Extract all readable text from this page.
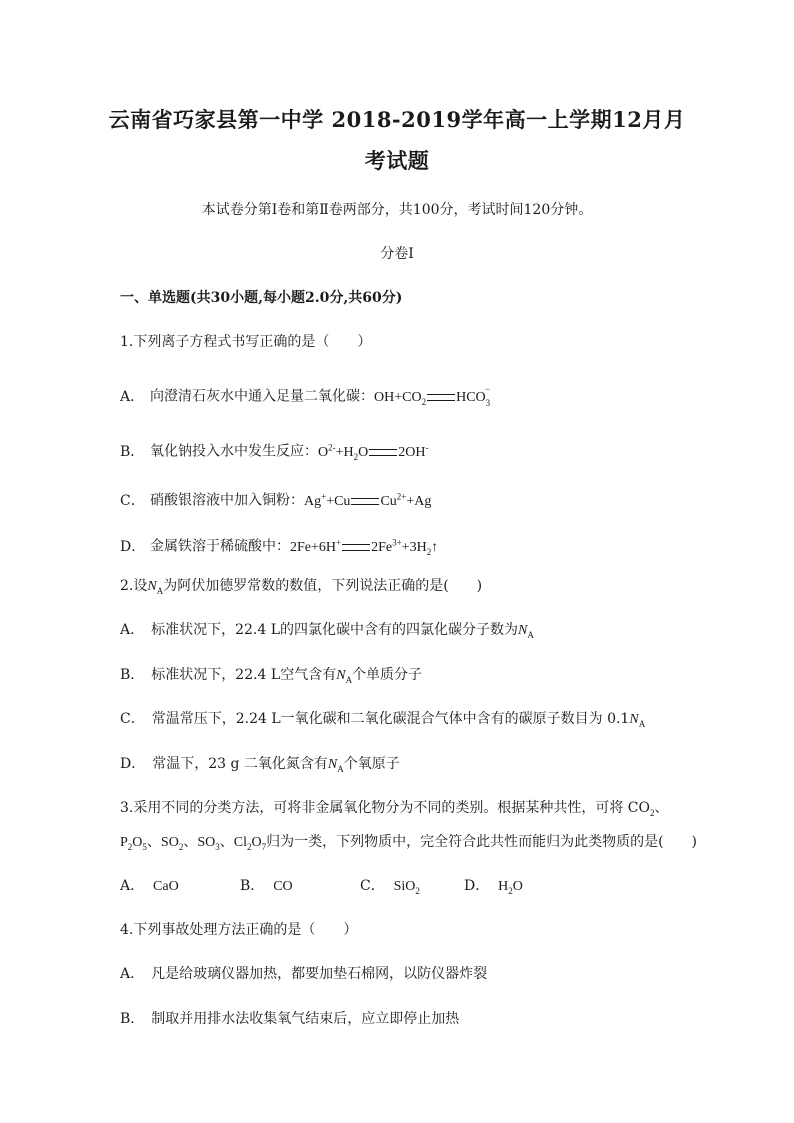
云南省巧家县第一中学 2018-2019学年高一上学期12月月
考试题
本试卷分第Ⅰ卷和第Ⅱ卷两部分，共100分，考试时间120分钟。
分卷I
一、单选题(共30小题,每小题2.0分,共60分)
1.下列离子方程式书写正确的是（　　）
A． 向澄清石灰水中通入足量二氧化碳：$OH+CO_2$ $HCO_3^-$
B． 氧化钠投入水中发生反应：$O^{2-}+H_2O$ 2OH-
C． 硝酸银溶液中加入铜粉：Ag++Cu $Cu^{2+}+Ag$
D． 金属铁溶于稀硫酸中：2Fe+6H+ $2Fe^{3+}+3H_2↑$
2.设$N_A$为阿伏加德罗常数的数值，下列说法正确的是(　　)
A．　标准状况下，22.4 L的四氯化碳中含有的四氯化碳分子数为$N_A$
B．　标准状况下，22.4 L空气含有$N_A$个单质分子
C．　常温常压下，2.24 L一氧化碳和二氧化碳混合气体中含有的碳原子数目为 $0.1N_A$
D．　常温下，23 g 二氧化氮含有$N_A$个氧原子
3.采用不同的分类方法，可将非金属氧化物分为不同的类别。根据某种共性，可将 $CO_2$、
$P_2O_5$、$SO_2$、$SO_3$、$Cl_2O_7$归为一类，下列物质中，完全符合此共性而能归为此类物质的是(　　)
A． CaO	B． CO	C． SiO$_2$	D． $H_2O$
4.下列事故处理方法正确的是（　　）
A．　凡是给玻璃仪器加热，都要加垫石棉网，以防仪器炸裂
B．　制取并用排水法收集氧气结束后，应立即停止加热
